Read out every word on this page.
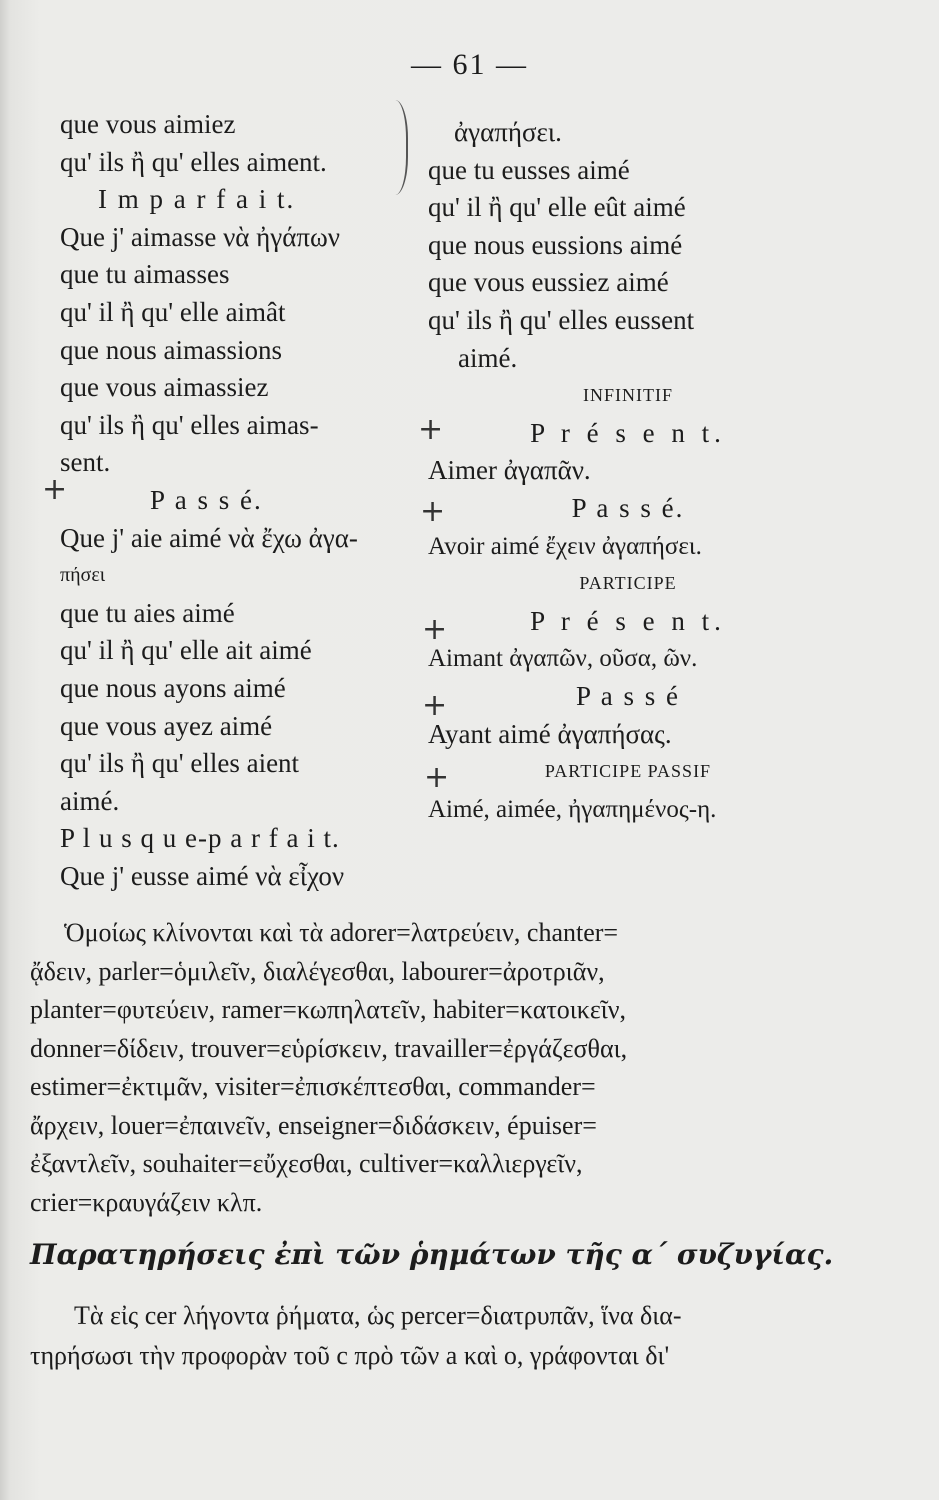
— 61 —
que vous aimiez
qu' ils ἢ qu' elles aiment.
I m p a r f a i t.
Que j' aimasse νὰ ἠγάπων
que tu aimasses
qu' il ἢ qu' elle aimât
que nous aimassions
que vous aimassiez
qu' ils ἢ qu' elles aimas-
sent.
P a s s é.
Que j' aie aimé νὰ ἔχω ἀγα-
πήσει
que tu aies aimé
qu' il ἢ qu' elle ait aimé
que nous ayons aimé
que vous ayez aimé
qu' ils ἢ qu' elles aient
aimé.
P l u s q u e-p a r f a i t.
Que j' eusse aimé νὰ εἶχον
+
+
+
+
+
+
ἀγαπήσει.
que tu eusses aimé
qu' il ἢ qu' elle eût aimé
que nous eussions aimé
que vous eussiez aimé
qu' ils ἢ qu' elles eussent
aimé.
INFINITIF
P r é s e n t.
Aimer ἀγαπᾶν.
P a s s é.
Avoir aimé ἔχειν ἀγαπήσει.
PARTICIPE
P r é s e n t.
Aimant ἀγαπῶν, οῦσα, ῶν.
P a s s é
Ayant aimé ἀγαπήσας.
PARTICIPE PASSIF
Aimé, aimée, ἠγαπημένος-η.
Ὁμοίως κλίνονται καὶ τὰ adorer=λατρεύειν, chanter=
ᾄδειν, parler=ὁμιλεῖν, διαλέγεσθαι, labourer=ἀροτριᾶν,
planter=φυτεύειν, ramer=κωπηλατεῖν, habiter=κατοικεῖν,
donner=δίδειν, trouver=εὑρίσκειν, travailler=ἐργάζεσθαι,
estimer=ἐκτιμᾶν, visiter=ἐπισκέπτεσθαι, commander=
ἄρχειν, louer=ἐπαινεῖν, enseigner=διδάσκειν, épuiser=
ἐξαντλεῖν, souhaiter=εὔχεσθαι, cultiver=καλλιεργεῖν,
crier=κραυγάζειν κλπ.
Παρατηρήσεις ἐπὶ τῶν ῥημάτων τῆς α΄ συζυγίας.
Τὰ εἰς cer λήγοντα ῥήματα, ὡς percer=διατρυπᾶν, ἵνα δια-
τηρήσωσι τὴν προφορὰν τοῦ c πρὸ τῶν a καὶ o, γράφονται δι'
